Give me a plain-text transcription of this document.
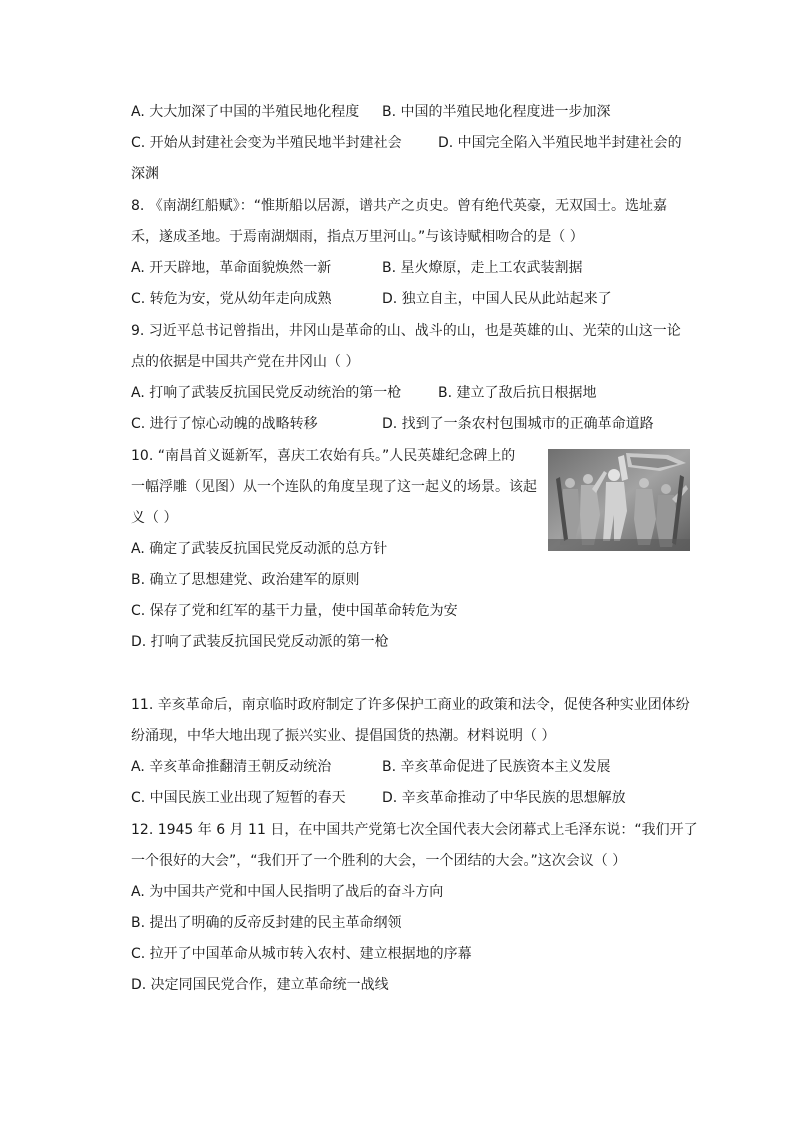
A. 大大加深了中国的半殖民地化程度 B. 中国的半殖民地化程度进一步加深
C. 开始从封建社会变为半殖民地半封建社会	D. 中国完全陷入半殖民地半封建社会的
深渊
8. 《南湖红船赋》：“惟斯船以居源，谱共产之贞史。曾有绝代英豪，无双国士。选址嘉
禾，遂成圣地。于焉南湖烟雨，指点万里河山。”与该诗赋相吻合的是（ ）
A. 开天辟地，革命面貌焕然一新	B. 星火燎原，走上工农武装割据
C. 转危为安，党从幼年走向成熟	D. 独立自主，中国人民从此站起来了
9. 习近平总书记曾指出，井冈山是革命的山、战斗的山，也是英雄的山、光荣的山这一论
点的依据是中国共产党在井冈山（ ）
A. 打响了武装反抗国民党反动统治的第一枪	B. 建立了敌后抗日根据地
C. 进行了惊心动魄的战略转移	D. 找到了一条农村包围城市的正确革命道路
10. “南昌首义诞新军，喜庆工农始有兵。”人民英雄纪念碑上的
一幅浮雕（见图）从一个连队的角度呈现了这一起义的场景。该起
义（ ）
A. 确定了武装反抗国民党反动派的总方针
B. 确立了思想建党、政治建军的原则
C. 保存了党和红军的基干力量，使中国革命转危为安
D. 打响了武装反抗国民党反动派的第一枪
11. 辛亥革命后，南京临时政府制定了许多保护工商业的政策和法令，促使各种实业团体纷
纷涌现，中华大地出现了振兴实业、提倡国货的热潮。材料说明（ ）
A. 辛亥革命推翻清王朝反动统治	B. 辛亥革命促进了民族资本主义发展
C. 中国民族工业出现了短暂的春天	D. 辛亥革命推动了中华民族的思想解放
12. 1945 年 6 月 11 日，在中国共产党第七次全国代表大会闭幕式上毛泽东说：“我们开了
一个很好的大会”，“我们开了一个胜利的大会，一个团结的大会。”这次会议（ ）
A. 为中国共产党和中国人民指明了战后的奋斗方向
B. 提出了明确的反帝反封建的民主革命纲领
C. 拉开了中国革命从城市转入农村、建立根据地的序幕
D. 决定同国民党合作，建立革命统一战线
